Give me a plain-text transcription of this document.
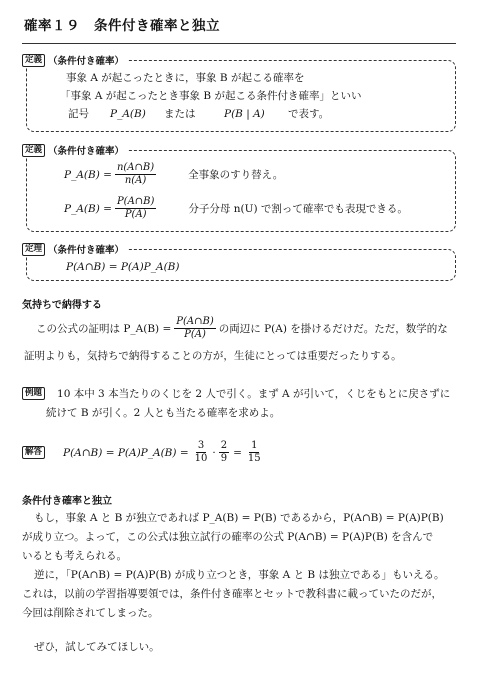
確率１９　条件付き確率と独立
定義 （条件付き確率）
事象 A が起こったときに，事象 B が起こる確率を
「事象 A が起こったとき事象 B が起こる条件付き確率」といい
記号	P_A(B)	または	P(B | A)	で表す。
定義 （条件付き確率）
P_A(B) = $\frac{n(A\cap B)}{n(A)}$	全事象のすり替え。
P_A(B) = $\frac{P(A\cap B)}{P(A)}$	分子分母 n(U) で割って確率でも表現できる。
定理 （条件付き確率）
P(A∩B) = P(A)P_A(B)
気持ちで納得する
この公式の証明は P_A(B) = $\frac{P(A\cap B)}{P(A)}$ の両辺に P(A) を掛けるだけだ。ただ，数学的な
証明よりも，気持ちで納得することの方が，生徒にとっては重要だったりする。
例題 10 本中 3 本当たりのくじを 2 人で引く。まず A が引いて，くじをもとに戻さずに
続けて B が引く。2 人とも当たる確率を求めよ。
解答 P(A∩B) = P(A)P_A(B) = $\frac{3}{10} \cdot \frac{2}{9} = \frac{1}{15}$
条件付き確率と独立
もし，事象 A と B が独立であれば P_A(B) = P(B) であるから，P(A∩B) = P(A)P(B)
が成り立つ。よって，この公式は独立試行の確率の公式 P(A∩B) = P(A)P(B) を含んで
いるとも考えられる。
逆に，「P(A∩B) = P(A)P(B) が成り立つとき，事象 A と B は独立である」もいえる。
これは，以前の学習指導要領では，条件付き確率とセットで教科書に載っていたのだが，
今回は削除されてしまった。
ぜひ，試してみてほしい。
